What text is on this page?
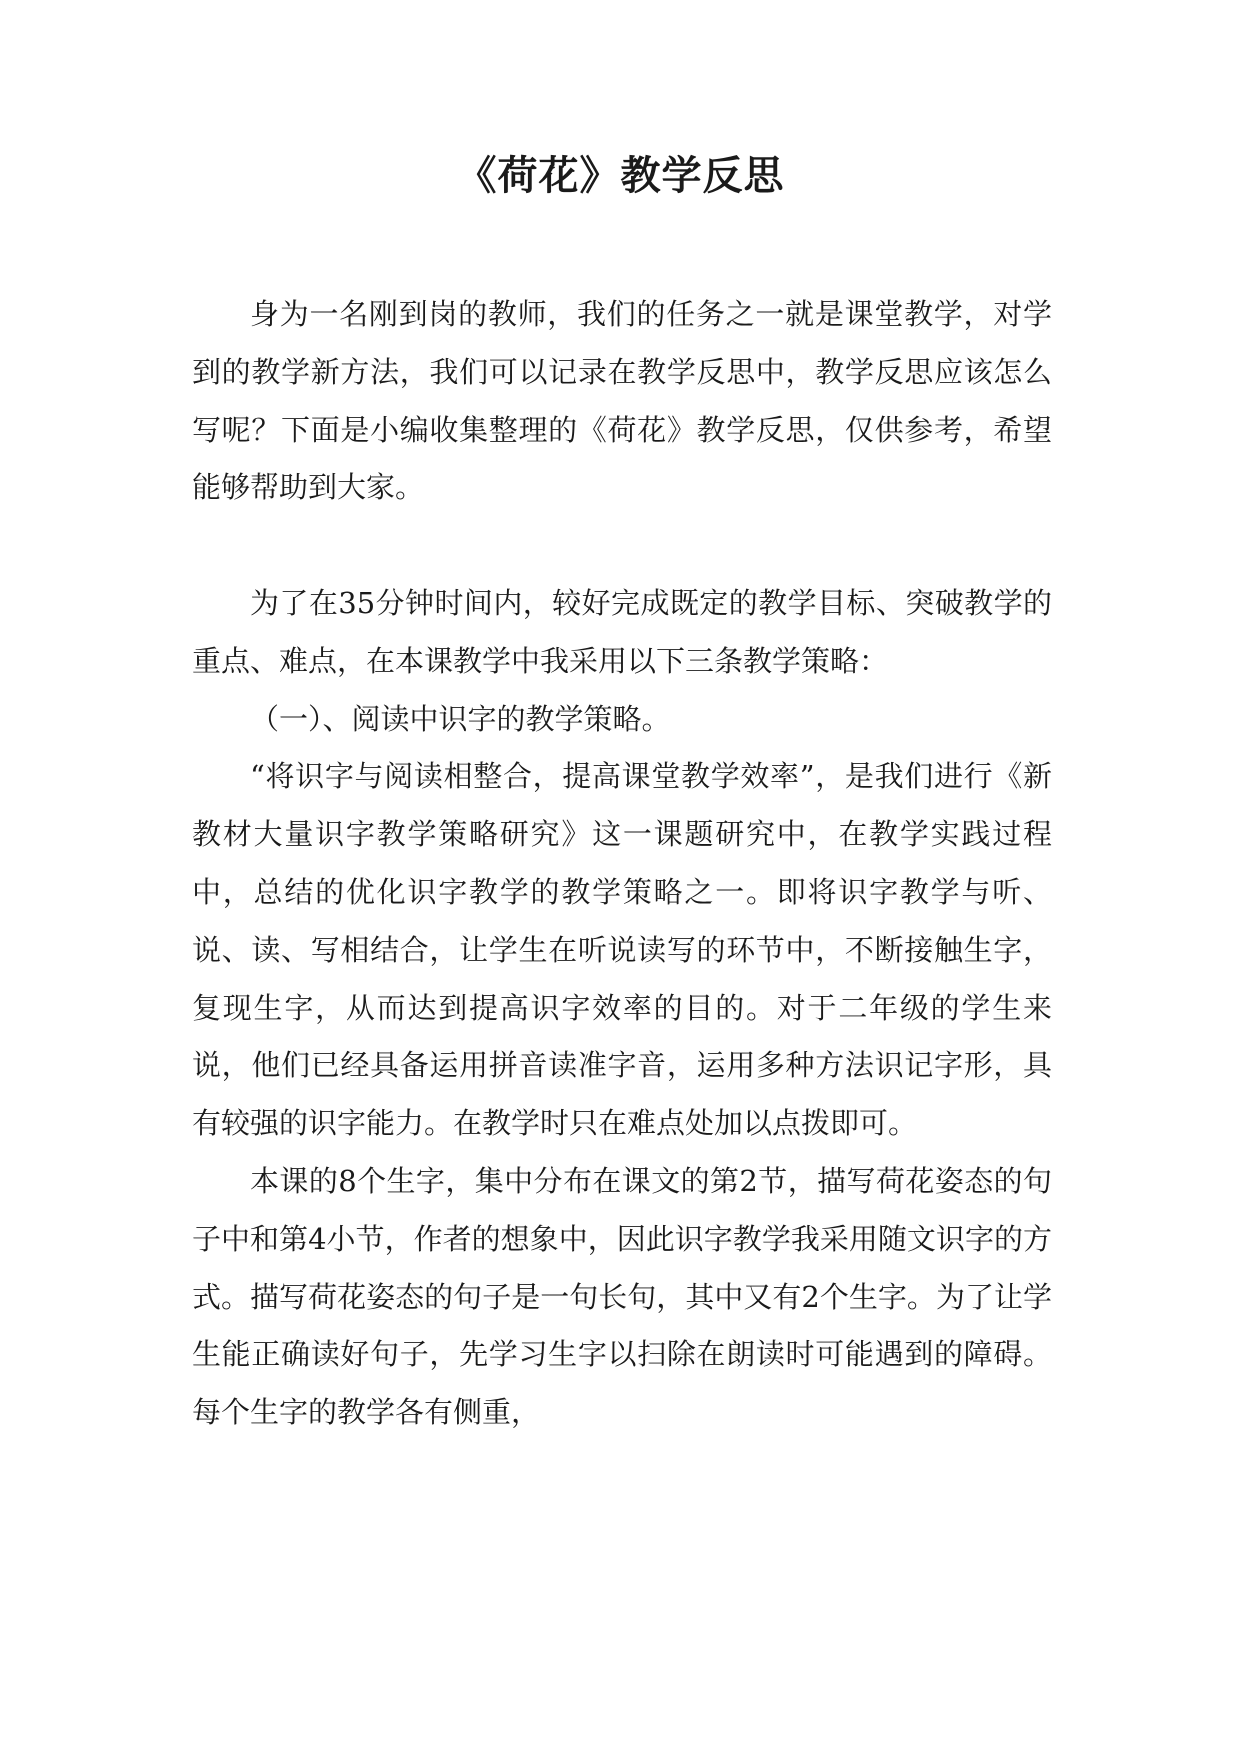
《荷花》教学反思

身为一名刚到岗的教师，我们的任务之一就是课堂教学，对学到的教学新方法，我们可以记录在教学反思中，教学反思应该怎么写呢？下面是小编收集整理的《荷花》教学反思，仅供参考，希望能够帮助到大家。

为了在35分钟时间内，较好完成既定的教学目标、突破教学的重点、难点，在本课教学中我采用以下三条教学策略：

（一）、阅读中识字的教学策略。

“将识字与阅读相整合，提高课堂教学效率”，是我们进行《新教材大量识字教学策略研究》这一课题研究中，在教学实践过程中，总结的优化识字教学的教学策略之一。即将识字教学与听、说、读、写相结合，让学生在听说读写的环节中，不断接触生字，复现生字，从而达到提高识字效率的目的。对于二年级的学生来说，他们已经具备运用拼音读准字音，运用多种方法识记字形，具有较强的识字能力。在教学时只在难点处加以点拨即可。

本课的8个生字，集中分布在课文的第2节，描写荷花姿态的句子中和第4小节，作者的想象中，因此识字教学我采用随文识字的方式。描写荷花姿态的句子是一句长句，其中又有2个生字。为了让学生能正确读好句子，先学习生字以扫除在朗读时可能遇到的障碍。每个生字的教学各有侧重，
